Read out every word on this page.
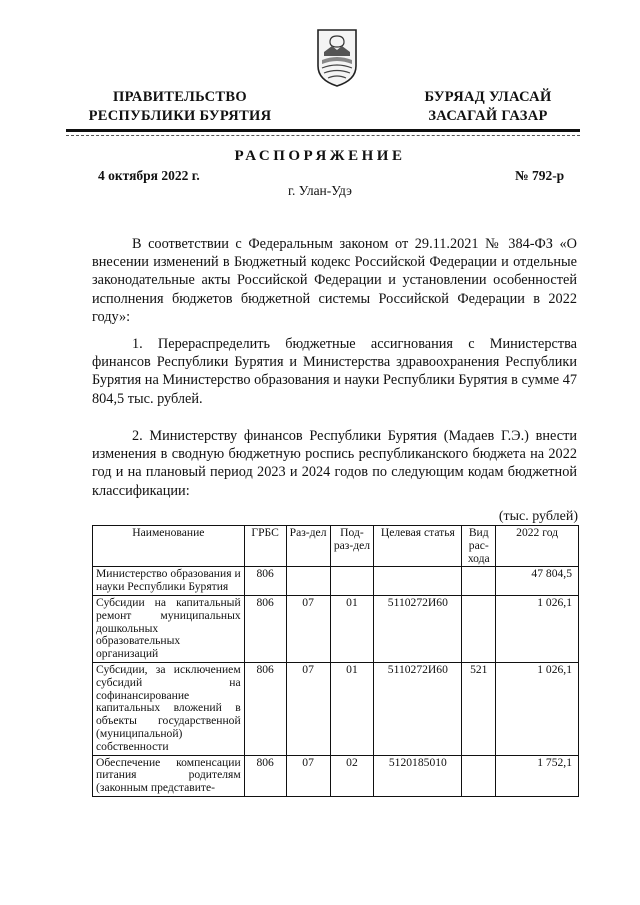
ПРАВИТЕЛЬСТВО
РЕСПУБЛИКИ БУРЯТИЯ
БУРЯАД УЛАСАЙ
ЗАСАГАЙ ГАЗАР
РАСПОРЯЖЕНИЕ
4 октября 2022 г.	№ 792-р
г. Улан-Удэ
В соответствии с Федеральным законом от 29.11.2021 № 384-ФЗ «О внесении изменений в Бюджетный кодекс Российской Федерации и отдельные законодательные акты Российской Федерации и установлении особенностей исполнения бюджетов бюджетной системы Российской Федерации в 2022 году»:
1. Перераспределить бюджетные ассигнования с Министерства финансов Республики Бурятия и Министерства здравоохранения Республики Бурятия на Министерство образования и науки Республики Бурятия в сумме 47 804,5 тыс. рублей.
2. Министерству финансов Республики Бурятия (Мадаев Г.Э.) внести изменения в сводную бюджетную роспись республиканского бюджета на 2022 год и на плановый период 2023 и 2024 годов по следующим кодам бюджетной классификации:
(тыс. рублей)
Наименование	ГРБС	Раз-дел	Под-раз-дел	Целевая статья	Вид рас-хода	2022 год
Министерство образования и науки Республики Бурятия	806					47 804,5
Субсидии на капитальный ремонт муниципальных дошкольных образовательных организаций	806	07	01	5110272И60		1 026,1
Субсидии, за исключением субсидий на софинансирование капитальных вложений в объекты государственной (муниципальной) собственности	806	07	01	5110272И60	521	1 026,1
Обеспечение компенсации питания родителям (законным представите-	806	07	02	5120185010		1 752,1
